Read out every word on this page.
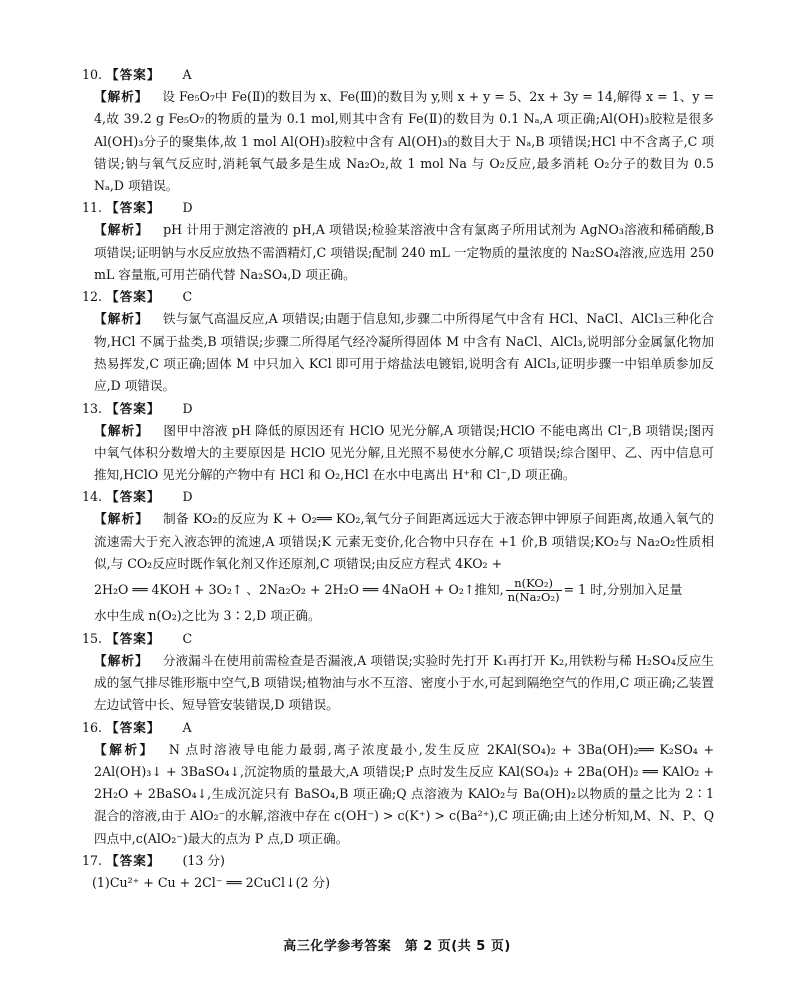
10. 【答案】 A
【解析】 设 Fe₅O₇中 Fe(Ⅱ)的数目为 x、Fe(Ⅲ)的数目为 y,则 x + y = 5、2x + 3y = 14,解得 x = 1、y = 4,故 39.2 g Fe₅O₇的物质的量为 0.1 mol,则其中含有 Fe(Ⅱ)的数目为 0.1 Nₐ,A 项正确;Al(OH)₃胶粒是很多 Al(OH)₃分子的聚集体,故 1 mol Al(OH)₃胶粒中含有 Al(OH)₃的数目大于 Nₐ,B 项错误;HCl 中不含离子,C 项错误;钠与氧气反应时,消耗氧气最多是生成 Na₂O₂,故 1 mol Na 与 O₂反应,最多消耗 O₂分子的数目为 0.5 Nₐ,D 项错误。
11. 【答案】 D
【解析】 pH 计用于测定溶液的 pH,A 项错误;检验某溶液中含有氯离子所用试剂为 AgNO₃溶液和稀硝酸,B 项错误;证明钠与水反应放热不需酒精灯,C 项错误;配制 240 mL 一定物质的量浓度的 Na₂SO₄溶液,应选用 250 mL 容量瓶,可用芒硝代替 Na₂SO₄,D 项正确。
12. 【答案】 C
【解析】 铁与氯气高温反应,A 项错误;由题于信息知,步骤二中所得尾气中含有 HCl、NaCl、AlCl₃三种化合物,HCl 不属于盐类,B 项错误;步骤二所得尾气经冷凝所得固体 M 中含有 NaCl、AlCl₃,说明部分金属氯化物加热易挥发,C 项正确;固体 M 中只加入 KCl 即可用于熔盐法电镀铝,说明含有 AlCl₃,证明步骤一中铝单质参加反应,D 项错误。
13. 【答案】 D
【解析】 图甲中溶液 pH 降低的原因还有 HClO 见光分解,A 项错误;HClO 不能电离出 Cl⁻,B 项错误;图丙中氧气体积分数增大的主要原因是 HClO 见光分解,且光照不易使水分解,C 项错误;综合图甲、乙、丙中信息可推知,HClO 见光分解的产物中有 HCl 和 O₂,HCl 在水中电离出 H⁺和 Cl⁻,D 项正确。
14. 【答案】 D
【解析】 制备 KO₂的反应为 K + O₂══ KO₂,氧气分子间距离远远大于液态钾中钾原子间距离,故通入氧气的流速需大于充入液态钾的流速,A 项错误;K 元素无变价,化合物中只存在 +1 价,B 项错误;KO₂与 Na₂O₂性质相似,与 CO₂反应时既作氧化剂又作还原剂,C 项错误;由反应方程式 4KO₂ +
2H₂O ══ 4KOH + 3O₂↑ 、2Na₂O₂ + 2H₂O ══ 4NaOH + O₂↑推知, $\frac{\text{n(KO₂)}}{\text{n(Na₂O₂)}} = 1$ 时,分别加入足量
水中生成 n(O₂)之比为 3∶2,D 项正确。
15. 【答案】 C
【解析】 分液漏斗在使用前需检查是否漏液,A 项错误;实验时先打开 K₁再打开 K₂,用铁粉与稀 H₂SO₄反应生成的氢气排尽锥形瓶中空气,B 项错误;植物油与水不互溶、密度小于水,可起到隔绝空气的作用,C 项正确;乙装置左边试管中长、短导管安装错误,D 项错误。
16. 【答案】 A
【解析】 N 点时溶液导电能力最弱,离子浓度最小,发生反应 2KAl(SO₄)₂ + 3Ba(OH)₂══ K₂SO₄ + 2Al(OH)₃↓ + 3BaSO₄↓,沉淀物质的量最大,A 项错误;P 点时发生反应 KAl(SO₄)₂ + 2Ba(OH)₂ ══ KAlO₂ + 2H₂O + 2BaSO₄↓,生成沉淀只有 BaSO₄,B 项正确;Q 点溶液为 KAlO₂与 Ba(OH)₂以物质的量之比为 2∶1 混合的溶液,由于 AlO₂⁻的水解,溶液中存在 c(OH⁻) > c(K⁺) > c(Ba²⁺),C 项正确;由上述分析知,M、N、P、Q 四点中,c(AlO₂⁻)最大的点为 P 点,D 项正确。
17. 【答案】 (13 分)
(1)Cu²⁺ + Cu + 2Cl⁻ ══ 2CuCl↓(2 分)
高三化学参考答案　第 2 页(共 5 页)
